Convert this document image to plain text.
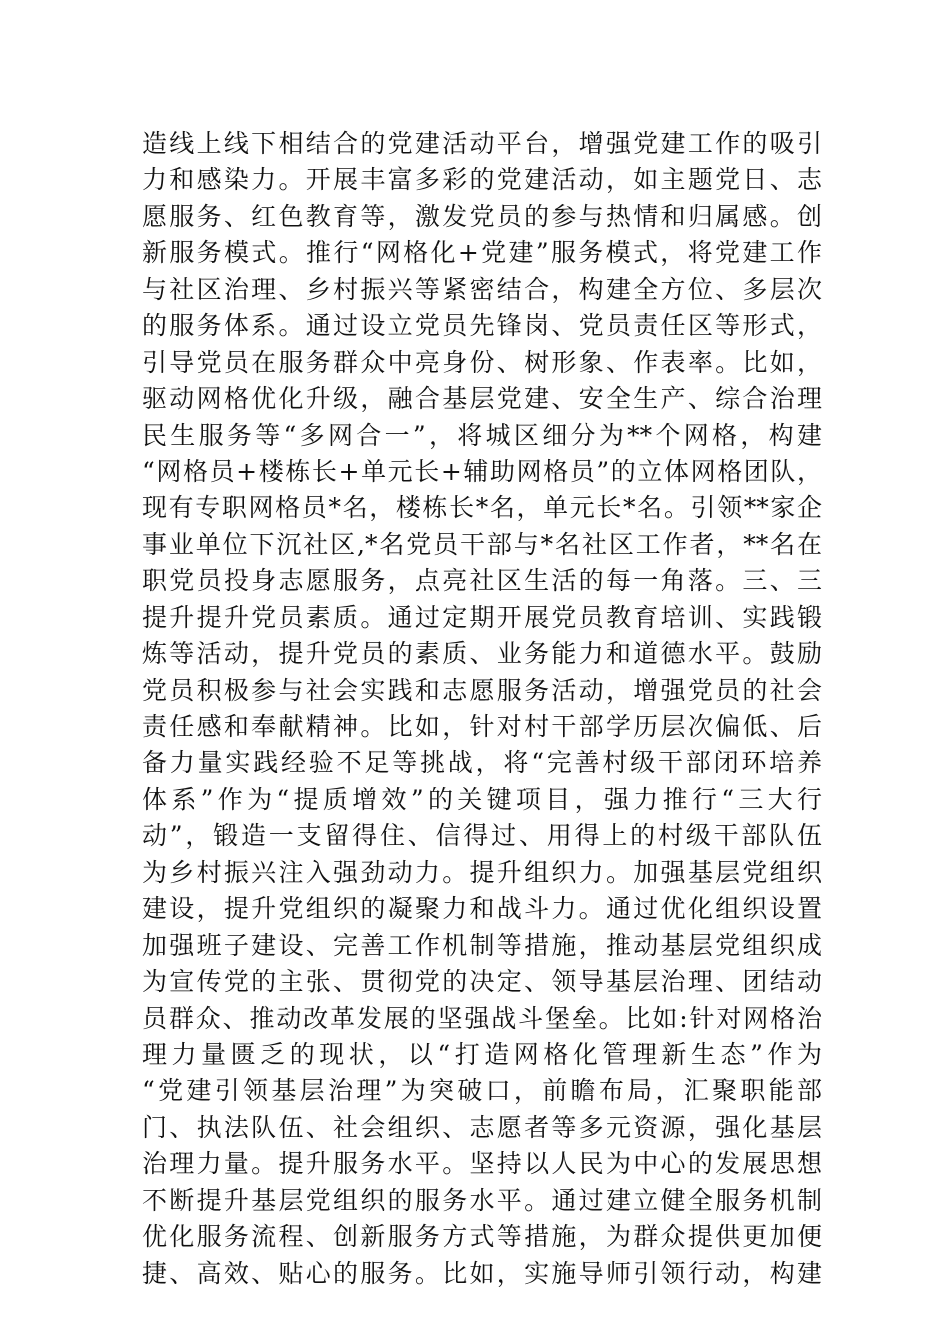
造线上线下相结合的党建活动平台，增强党建工作的吸引
力和感染力。开展丰富多彩的党建活动，如主题党日、志
愿服务、红色教育等，激发党员的参与热情和归属感。创
新服务模式。推行“网格化+党建”服务模式，将党建工作
与社区治理、乡村振兴等紧密结合，构建全方位、多层次
的服务体系。通过设立党员先锋岗、党员责任区等形式，
引导党员在服务群众中亮身份、树形象、作表率。比如，
驱动网格优化升级，融合基层党建、安全生产、综合治理
民生服务等“多网合一”，将城区细分为**个网格，构建
“网格员+楼栋长+单元长+辅助网格员”的立体网格团队，
现有专职网格员*名，楼栋长*名，单元长*名。引领**家企
事业单位下沉社区,*名党员干部与*名社区工作者，**名在
职党员投身志愿服务，点亮社区生活的每一角落。三、三
提升提升党员素质。通过定期开展党员教育培训、实践锻
炼等活动，提升党员的素质、业务能力和道德水平。鼓励
党员积极参与社会实践和志愿服务活动，增强党员的社会
责任感和奉献精神。比如，针对村干部学历层次偏低、后
备力量实践经验不足等挑战，将“完善村级干部闭环培养
体系”作为“提质增效”的关键项目，强力推行“三大行
动”，锻造一支留得住、信得过、用得上的村级干部队伍
为乡村振兴注入强劲动力。提升组织力。加强基层党组织
建设，提升党组织的凝聚力和战斗力。通过优化组织设置
加强班子建设、完善工作机制等措施，推动基层党组织成
为宣传党的主张、贯彻党的决定、领导基层治理、团结动
员群众、推动改革发展的坚强战斗堡垒。比如:针对网格治
理力量匮乏的现状，以“打造网格化管理新生态”作为
“党建引领基层治理”为突破口，前瞻布局，汇聚职能部
门、执法队伍、社会组织、志愿者等多元资源，强化基层
治理力量。提升服务水平。坚持以人民为中心的发展思想
不断提升基层党组织的服务水平。通过建立健全服务机制
优化服务流程、创新服务方式等措施，为群众提供更加便
捷、高效、贴心的服务。比如，实施导师引领行动，构建
